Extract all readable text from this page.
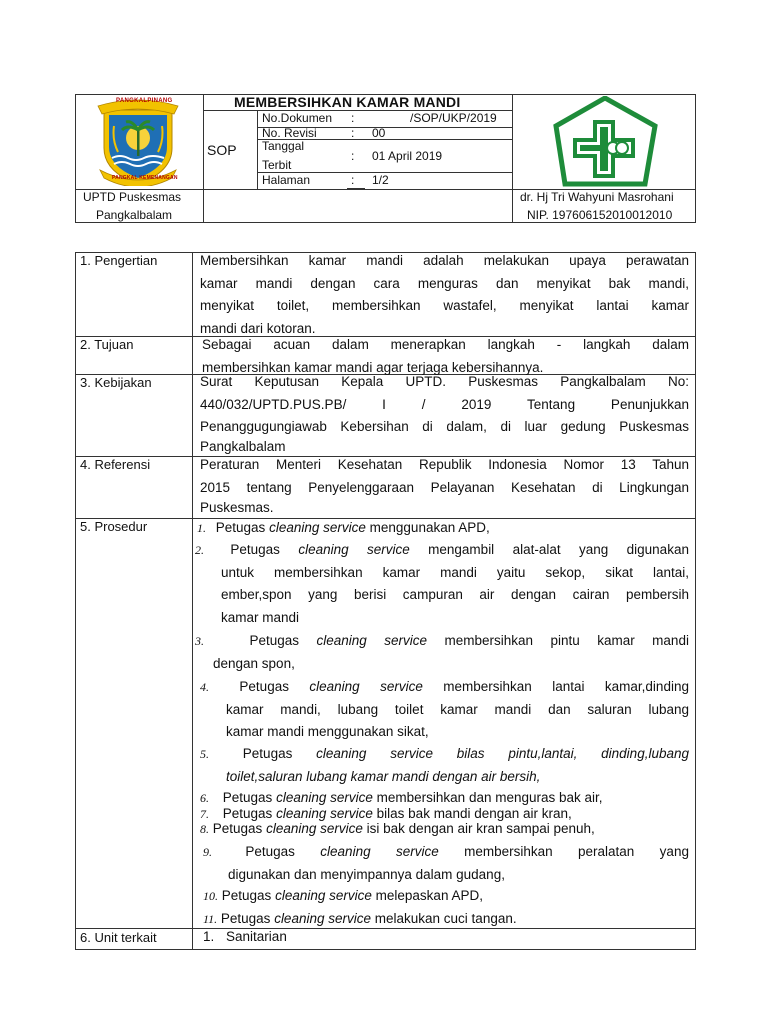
MEMBERSIHKAN KAMAR MANDI
SOP
No.Dokumen :	/SOP/UKP/2019
No. Revisi	: 00
Tanggal
Terbit
: 01 April 2019
Halaman	: 1/2
UPTD Puskesmas
Pangkalbalam
dr. Hj Tri Wahyuni Masrohani
NIP. 197606152010012010
PANGKALPINANG
PANGKAL KEMENANGAN
1. Pengertian	Membersihkan kamar mandi adalah melakukan upaya perawatan
kamar mandi dengan cara menguras dan menyikat bak mandi,
menyikat toilet, membersihkan wastafel, menyikat lantai kamar
mandi dari kotoran.
2. Tujuan	Sebagai acuan dalam menerapkan langkah - langkah dalam
membersihkan kamar mandi agar terjaga kebersihannya.
3. Kebijakan	Surat Keputusan Kepala UPTD. Puskesmas Pangkalbalam No:
440/032/UPTD.PUS.PB/ I / 2019 Tentang Penunjukkan
Penanggugungiawab Kebersihan di dalam, di luar gedung Puskesmas
Pangkalbalam
4. Referensi	Peraturan Menteri Kesehatan Republik Indonesia Nomor 13 Tahun
2015 tentang Penyelenggaraan Pelayanan Kesehatan di Lingkungan
Puskesmas.
5. Prosedur	1. Petugas cleaning service menggunakan APD,
2. Petugas cleaning service mengambil alat-alat yang digunakan
untuk membersihkan kamar mandi yaitu sekop, sikat lantai,
ember,spon yang berisi campuran air dengan cairan pembersih
kamar mandi
3.	Petugas cleaning service membersihkan pintu kamar mandi
dengan spon,
4. Petugas cleaning service membersihkan lantai kamar,dinding
kamar mandi, lubang toilet kamar mandi dan saluran lubang
kamar mandi menggunakan sikat,
5.	Petugas cleaning service bilas pintu,lantai, dinding,lubang
toilet,saluran lubang kamar mandi dengan air bersih,
6. Petugas cleaning service membersihkan dan menguras bak air,
7. Petugas cleaning service bilas bak mandi dengan air kran,
8. Petugas cleaning service isi bak dengan air kran sampai penuh,
9. Petugas cleaning service membersihkan peralatan yang
digunakan dan menyimpannya dalam gudang,
10. Petugas cleaning service melepaskan APD,
11. Petugas cleaning service melakukan cuci tangan.
6. Unit terkait	1. Sanitarian
